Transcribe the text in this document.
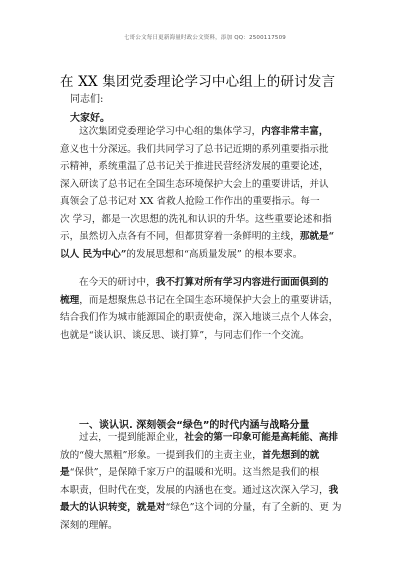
七哥公文每日更新海量时政公文资料，添加 QQ：2500117509
在 XX 集团党委理论学习中心组上的研讨发言
同志们:
大家好。
这次集团党委理论学习中心组的集体学习，内容非常丰富，
意义也十分深远。我们共同学习了总书记近期的系列重要指示批
示精神，系统重温了总书记关于推进民营经济发展的重要论述，
深入研读了总书记在全国生态环境保护大会上的重要讲话，并认
真领会了总书记对 XX 省救人抢险工作作出的重要指示。每一
次 学习，都是一次思想的洗礼和认识的升华。这些重要论述和指
示，虽然切入点各有不同，但都贯穿着一条鲜明的主线，那就是“
以人 民为中心”的发展思想和“高质量发展” 的根本要求。
在今天的研讨中，我不打算对所有学习内容进行面面俱到的
梳理，而是想聚焦总书记在全国生态环境保护大会上的重要讲话，
结合我们作为城市能源国企的职责使命，深入地谈三点个人体会，
也就是“谈认识、谈反思、谈打算”，与同志们作一个交流。
一、谈认识. 深刻领会“绿色”的时代内涵与战略分量
过去，一提到能源企业，社会的第一印象可能是高耗能、高排
放的“傻大黑粗”形象。一提到我们的主责主业，首先想到的就
是“保供”，是保障千家万户的温暖和光明。这当然是我们的根
本职责，但时代在变，发展的内涵也在变。通过这次深入学习，我
最大的认识转变，就是对“绿色”这个词的分量，有了全新的、更 为
深刻的理解。
